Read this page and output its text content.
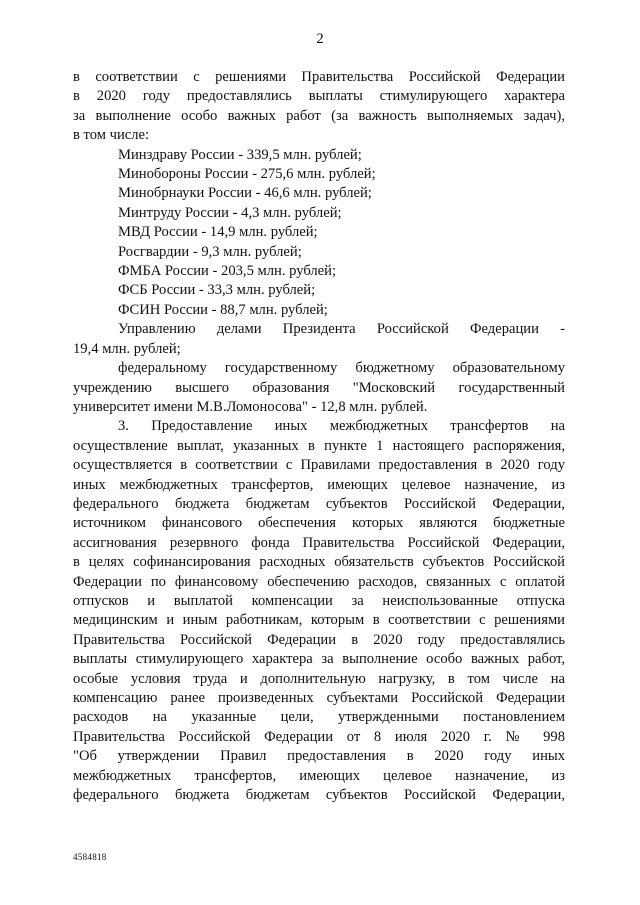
2

в соответствии с решениями Правительства Российской Федерации

в 2020 году предоставлялись выплаты стимулирующего характера

за выполнение особо важных работ (за важность выполняемых задач),

в том числе:

Минздраву России - 339,5 млн. рублей;

Минобороны России - 275,6 млн. рублей;

Минобрнауки России - 46,6 млн. рублей;

Минтруду России - 4,3 млн. рублей;

МВД России - 14,9 млн. рублей;

Росгвардии - 9,3 млн. рублей;

ФМБА России - 203,5 млн. рублей;

ФСБ России - 33,3 млн. рублей;

ФСИН России - 88,7 млн. рублей;

Управлению делами Президента Российской Федерации -

19,4 млн. рублей;

федеральному государственному бюджетному образовательному

учреждению высшего образования "Московский государственный

университет имени М.В.Ломоносова" - 12,8 млн. рублей.

3. Предоставление иных межбюджетных трансфертов на

осуществление выплат, указанных в пункте 1 настоящего распоряжения,

осуществляется в соответствии с Правилами предоставления в 2020 году

иных межбюджетных трансфертов, имеющих целевое назначение, из

федерального бюджета бюджетам субъектов Российской Федерации,

источником финансового обеспечения которых являются бюджетные

ассигнования резервного фонда Правительства Российской Федерации,

в целях софинансирования расходных обязательств субъектов Российской

Федерации по финансовому обеспечению расходов, связанных с оплатой

отпусков и выплатой компенсации за неиспользованные отпуска

медицинским и иным работникам, которым в соответствии с решениями

Правительства Российской Федерации в 2020 году предоставлялись

выплаты стимулирующего характера за выполнение особо важных работ,

особые условия труда и дополнительную нагрузку, в том числе на

компенсацию ранее произведенных субъектами Российской Федерации

расходов на указанные цели, утвержденными постановлением

Правительства Российской Федерации от 8 июля 2020 г. № 998

"Об утверждении Правил предоставления в 2020 году иных

межбюджетных трансфертов, имеющих целевое назначение, из

федерального бюджета бюджетам субъектов Российской Федерации,

4584818
